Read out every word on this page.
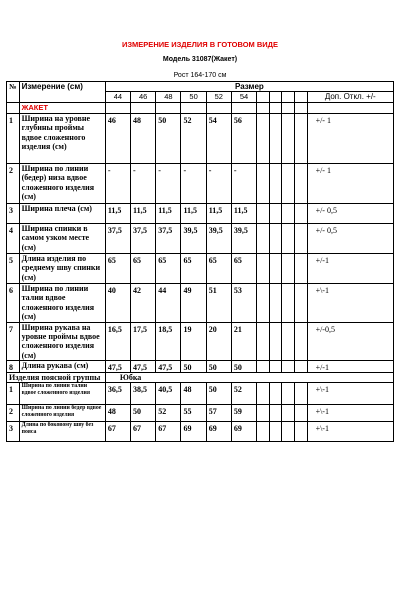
ИЗМЕРЕНИЕ ИЗДЕЛИЯ В ГОТОВОМ ВИДЕ
Модель 31087(Жакет)
Рост 164-170 см
№	Измерение (см)	Размер										
		44	46	48	50	52	54					Доп. Откл. +/-
	ЖАКЕТ											
1	Ширина на уровне глубины проймы вдвое сложенного изделия (см)	46	48	50	52	54	56					+/- 1
2	Ширина по линии (бедер) низа вдвое сложенного изделия (см)	-	-	-	-	-	-					+/- 1
3	Ширина плеча (см)	11,5	11,5	11,5	11,5	11,5	11,5					+/- 0,5
4	Ширина спинки в самом узком месте (см)	37,5	37,5	37,5	39,5	39,5	39,5					+/- 0,5
5	Длина изделия по среднему шву спинки (см)	65	65	65	65	65	65					+/-1
6	Ширина по линии талии вдвое сложенного изделия (см)	40	42	44	49	51	53					+\-1
7	Ширина рукава на уровне проймы вдвое сложенного изделия (см)	16,5	17,5	18,5	19	20	21					+/-0,5
8	Длина рукава (см)	47,5	47,5	47,5	50	50	50					+/-1
Изделия поясной группы		Юбка										
1	Ширина по линии талии вдвое сложенного изделия	36,5	38,5	40,5	48	50	52					+\-1
2	Ширина по линии бедер вдвое сложенного изделия	48	50	52	55	57	59					+\-1
3	Длина по боковому шву без пояса	67	67	67	69	69	69					+\-1
